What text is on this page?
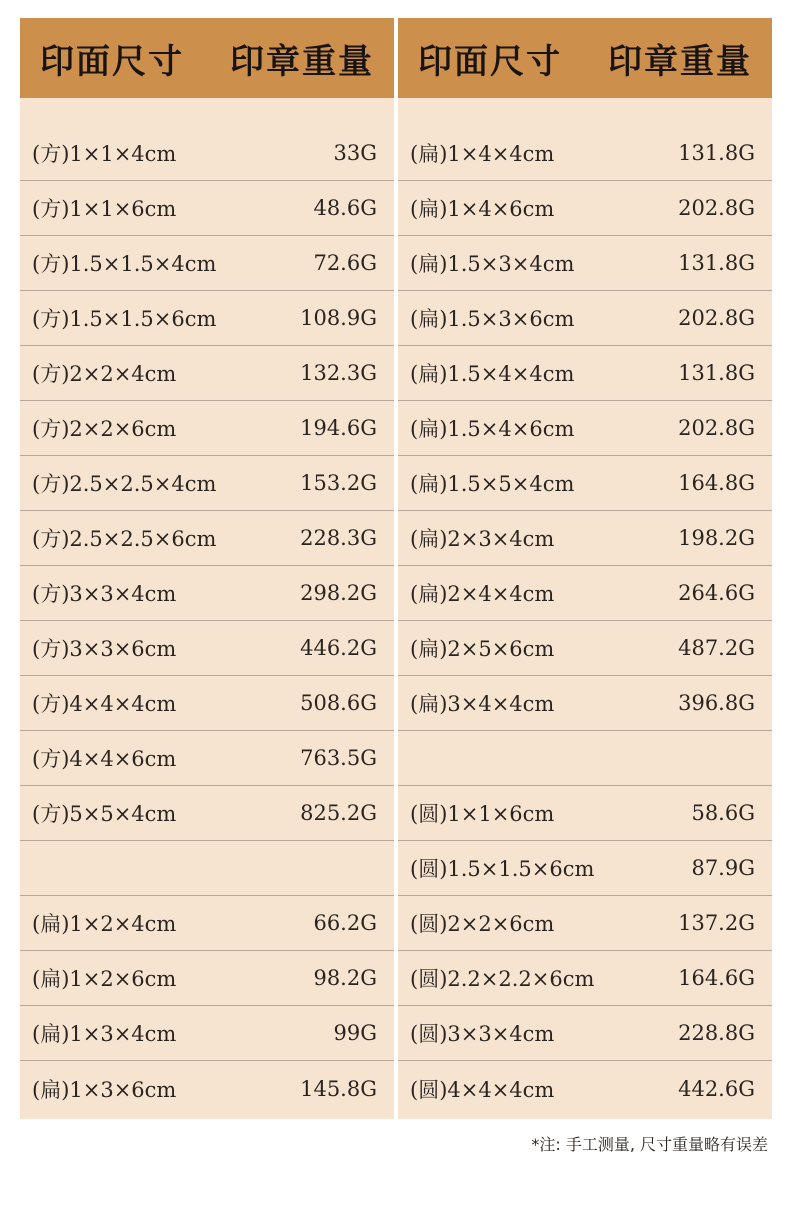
印面尺寸 印章重量
(方)1×1×4cm	33G
(方)1×1×6cm	48.6G
(方)1.5×1.5×4cm	72.6G
(方)1.5×1.5×6cm	108.9G
(方)2×2×4cm	132.3G
(方)2×2×6cm	194.6G
(方)2.5×2.5×4cm	153.2G
(方)2.5×2.5×6cm	228.3G
(方)3×3×4cm	298.2G
(方)3×3×6cm	446.2G
(方)4×4×4cm	508.6G
(方)4×4×6cm	763.5G
(方)5×5×4cm	825.2G
(扁)1×2×4cm	66.2G
(扁)1×2×6cm	98.2G
(扁)1×3×4cm	99G
(扁)1×3×6cm	145.8G
印面尺寸 印章重量
(扁)1×4×4cm	131.8G
(扁)1×4×6cm	202.8G
(扁)1.5×3×4cm	131.8G
(扁)1.5×3×6cm	202.8G
(扁)1.5×4×4cm	131.8G
(扁)1.5×4×6cm	202.8G
(扁)1.5×5×4cm	164.8G
(扁)2×3×4cm	198.2G
(扁)2×4×4cm	264.6G
(扁)2×5×6cm	487.2G
(扁)3×4×4cm	396.8G
(圆)1×1×6cm	58.6G
(圆)1.5×1.5×6cm	87.9G
(圆)2×2×6cm	137.2G
(圆)2.2×2.2×6cm	164.6G
(圆)3×3×4cm	228.8G
(圆)4×4×4cm	442.6G
*注: 手工测量, 尺寸重量略有误差
